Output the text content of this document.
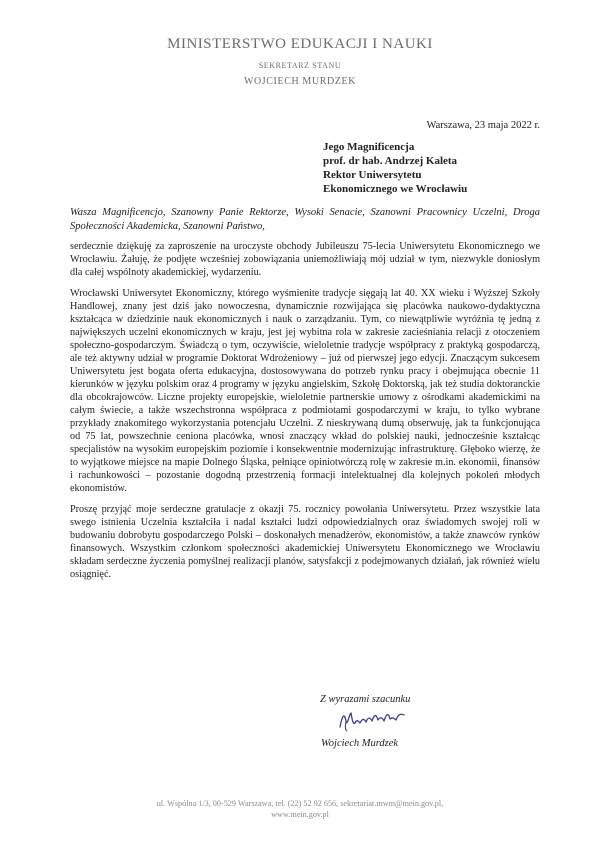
MINISTERSTWO EDUKACJI I NAUKI
SEKRETARZ STANU
WOJCIECH MURDZEK
Warszawa, 23 maja 2022 r.
Jego Magnificencja
prof. dr hab. Andrzej Kaleta
Rektor Uniwersytetu
Ekonomicznego we Wrocławiu
Wasza Magnificencjo, Szanowny Panie Rektorze, Wysoki Senacie, Szanowni Pracownicy Uczelni, Drogа Społeczności Akademicka, Szanowni Państwo,

serdecznie dziękuję za zaproszenie na uroczyste obchody Jubileuszu 75-lecia Uniwersytetu Ekonomicznego we Wrocławiu. Żałuję, że podjęte wcześniej zobowiązania uniemożliwiają mój udział w tym, niezwykle doniosłym dla całej wspólnoty akademickiej, wydarzeniu.

Wrocławski Uniwersytet Ekonomiczny, którego wyśmienite tradycje sięgają lat 40. XX wieku i Wyższej Szkoły Handlowej, znany jest dziś jako nowoczesna, dynamicznie rozwijająca się placówka naukowo-dydaktyczna kształcąca w dziedzinie nauk ekonomicznych i nauk o zarządzaniu. Tym, co niewątpliwie wyróżnia tę jedną z największych uczelni ekonomicznych w kraju, jest jej wybitna rola w zakresie zacieśniania relacji z otoczeniem społeczno-gospodarczym. Świadczą o tym, oczywiście, wieloletnie tradycje współpracy z praktyką gospodarczą, ale też aktywny udział w programie Doktorat Wdrożeniowy – już od pierwszej jego edycji. Znaczącym sukcesem Uniwersytetu jest bogata oferta edukacyjna, dostosowywana do potrzeb rynku pracy i obejmująca obecnie 11 kierunków w języku polskim oraz 4 programy w języku angielskim, Szkołę Doktorską, jak też studia doktoranckie dla obcokrajowców. Liczne projekty europejskie, wieloletnie partnerskie umowy z ośrodkami akademickimi na całym świecie, a także wszechstronna współpraca z podmiotami gospodarczymi w kraju, to tylko wybrane przykłady znakomitego wykorzystania potencjału Uczelni. Z nieskrywaną dumą obserwuję, jak ta funkcjonująca od 75 lat, powszechnie ceniona placówka, wnosi znaczący wkład do polskiej nauki, jednocześnie kształcąc specjalistów na wysokim europejskim poziomie i konsekwentnie modernizując infrastrukturę. Głęboko wierzę, że to wyjątkowe miejsce na mapie Dolnego Śląska, pełniące opiniotwórczą rolę w zakresie m.in. ekonomii, finansów i rachunkowości – pozostanie dogodną przestrzenią formacji intelektualnej dla kolejnych pokoleń młodych ekonomistów.

Proszę przyjąć moje serdeczne gratulacje z okazji 75. rocznicy powołania Uniwersytetu. Przez wszystkie lata swego istnienia Uczelnia kształciła i nadal kształci ludzi odpowiedzialnych oraz świadomych swojej roli w budowaniu dobrobytu gospodarczego Polski – doskonałych menadżerów, ekonomistów, a także znawców rynków finansowych. Wszystkim członkom społeczności akademickiej Uniwersytetu Ekonomicznego we Wrocławiu składam serdeczne życzenia pomyślnej realizacji planów, satysfakcji z podejmowanych działań, jak również wielu osiągnięć.

Z wyrazami szacunku
Wojciech Murdzek
ul. Wspólna 1/3, 00-529 Warszawa, tel. (22) 52 92 656, sekretariat.mwm@mein.gov.pl,
www.mein.gov.pl
